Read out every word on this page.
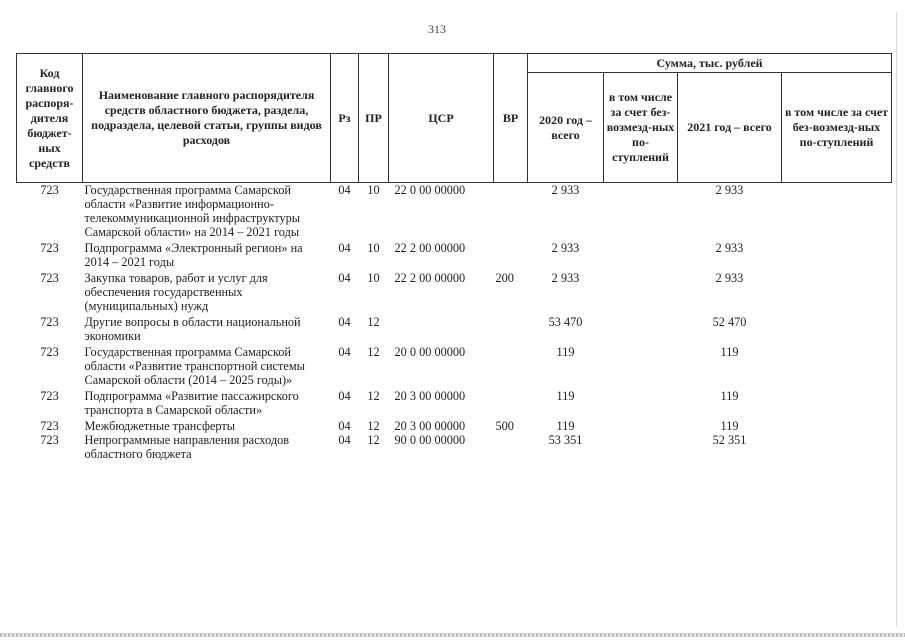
313
Код главного распоря-дителя бюджет-ных средств	Наименование главного распорядителя средств областного бюджета, раздела, подраздела, целевой статьи, группы видов расходов	Рз	ПР	ЦСР	ВР	Сумма, тыс. рублей			
						2020 год – всего	в том числе за счет без-возмезд-ных по-ступлений	2021 год – всего	в том числе за счет без-возмезд-ных по-ступлений
723	Государственная программа Самарской области «Развитие информационно-телекоммуникационной инфраструктуры Самарской области» на 2014 – 2021 годы	04	10	22 0 00 00000		2 933		2 933	
723	Подпрограмма «Электронный регион» на 2014 – 2021 годы	04	10	22 2 00 00000		2 933		2 933	
723	Закупка товаров, работ и услуг для обеспечения государственных (муниципальных) нужд	04	10	22 2 00 00000	200	2 933		2 933	
723	Другие вопросы в области национальной экономики	04	12			53 470		52 470	
723	Государственная программа Самарской области «Развитие транспортной системы Самарской области (2014 – 2025 годы)»	04	12	20 0 00 00000		119		119	
723	Подпрограмма «Развитие пассажирского транспорта в Самарской области»	04	12	20 3 00 00000		119		119	
723	Межбюджетные трансферты	04	12	20 3 00 00000	500	119		119	
723	Непрограммные направления расходов областного бюджета	04	12	90 0 00 00000		53 351		52 351	
